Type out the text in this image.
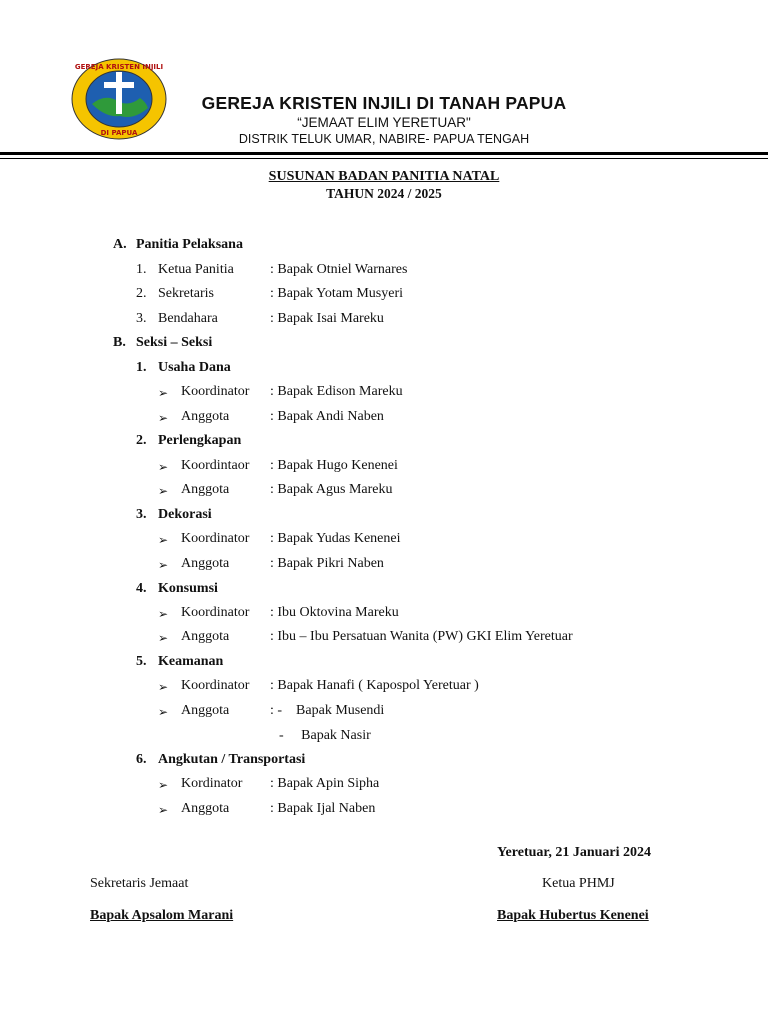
GEREJA KRISTEN INJILI
DI PAPUA
GEREJA KRISTEN INJILI DI TANAH PAPUA
“JEMAAT ELIM YERETUAR"
DISTRIK TELUK UMAR, NABIRE- PAPUA TENGAH
SUSUNAN BADAN PANITIA NATAL
TAHUN 2024 / 2025
A. Panitia Pelaksana
1. Ketua Panitia	: Bapak Otniel Warnares
2. Sekretaris	: Bapak Yotam Musyeri
3. Bendahara	: Bapak Isai Mareku
B. Seksi – Seksi
1. Usaha Dana
➢ Koordinator : Bapak Edison Mareku
➢ Anggota	: Bapak Andi Naben
2. Perlengkapan
➢ Koordintaor : Bapak Hugo Kenenei
➢ Anggota	: Bapak Agus Mareku
3. Dekorasi
➢ Koordinator : Bapak Yudas Kenenei
➢ Anggota	: Bapak Pikri Naben
4. Konsumsi
➢ Koordinator : Ibu Oktovina Mareku
➢ Anggota	: Ibu – Ibu Persatuan Wanita (PW) GKI Elim Yeretuar
5. Keamanan
➢ Koordinator : Bapak Hanafi ( Kapospol Yeretuar )
➢ Anggota	: -    Bapak Musendi
-     Bapak Nasir
6. Angkutan / Transportasi
➢ Kordinator : Bapak Apin Sipha
➢ Anggota	: Bapak Ijal Naben
Yeretuar, 21 Januari 2024
Sekretaris Jemaat	Ketua PHMJ
Bapak Apsalom Marani	Bapak Hubertus Kenenei
